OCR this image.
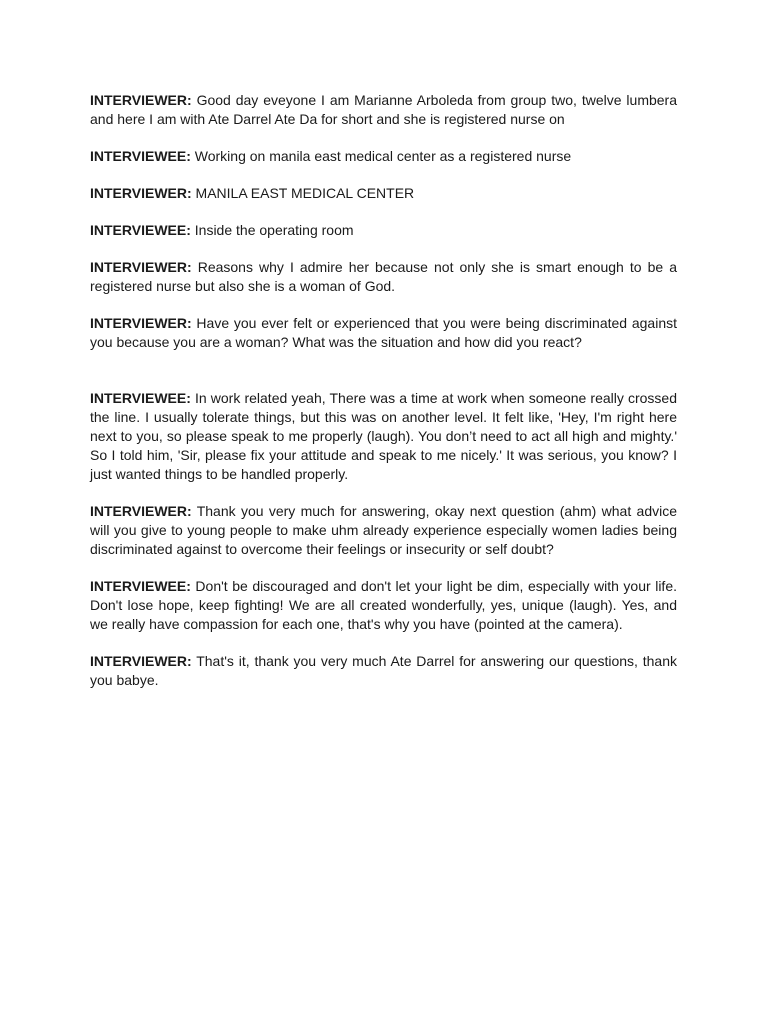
INTERVIEWER: Good day eveyone I am Marianne Arboleda from group two, twelve lumbera and here I am with Ate Darrel Ate Da for short and she is registered nurse on

INTERVIEWEE: Working on manila east medical center as a registered nurse

INTERVIEWER: MANILA EAST MEDICAL CENTER

INTERVIEWEE: Inside the operating room

INTERVIEWER: Reasons why I admire her because not only she is smart enough to be a registered nurse but also she is a woman of God.

INTERVIEWER: Have you ever felt or experienced that you were being discriminated against you because you are a woman? What was the situation and how did you react?

INTERVIEWEE: In work related yeah, There was a time at work when someone really crossed the line. I usually tolerate things, but this was on another level. It felt like, 'Hey, I'm right here next to you, so please speak to me properly (laugh). You don’t need to act all high and mighty.' So I told him, 'Sir, please fix your attitude and speak to me nicely.' It was serious, you know? I just wanted things to be handled properly.

INTERVIEWER: Thank you very much for answering, okay next question (ahm) what advice will you give to young people to make uhm already experience especially women ladies being discriminated against to overcome their feelings or insecurity or self doubt?

INTERVIEWEE: Don't be discouraged and don't let your light be dim, especially with your life. Don't lose hope, keep fighting! We are all created wonderfully, yes, unique (laugh). Yes, and we really have compassion for each one, that's why you have (pointed at the camera).

INTERVIEWER: That's it, thank you very much Ate Darrel for answering our questions, thank you babye.
